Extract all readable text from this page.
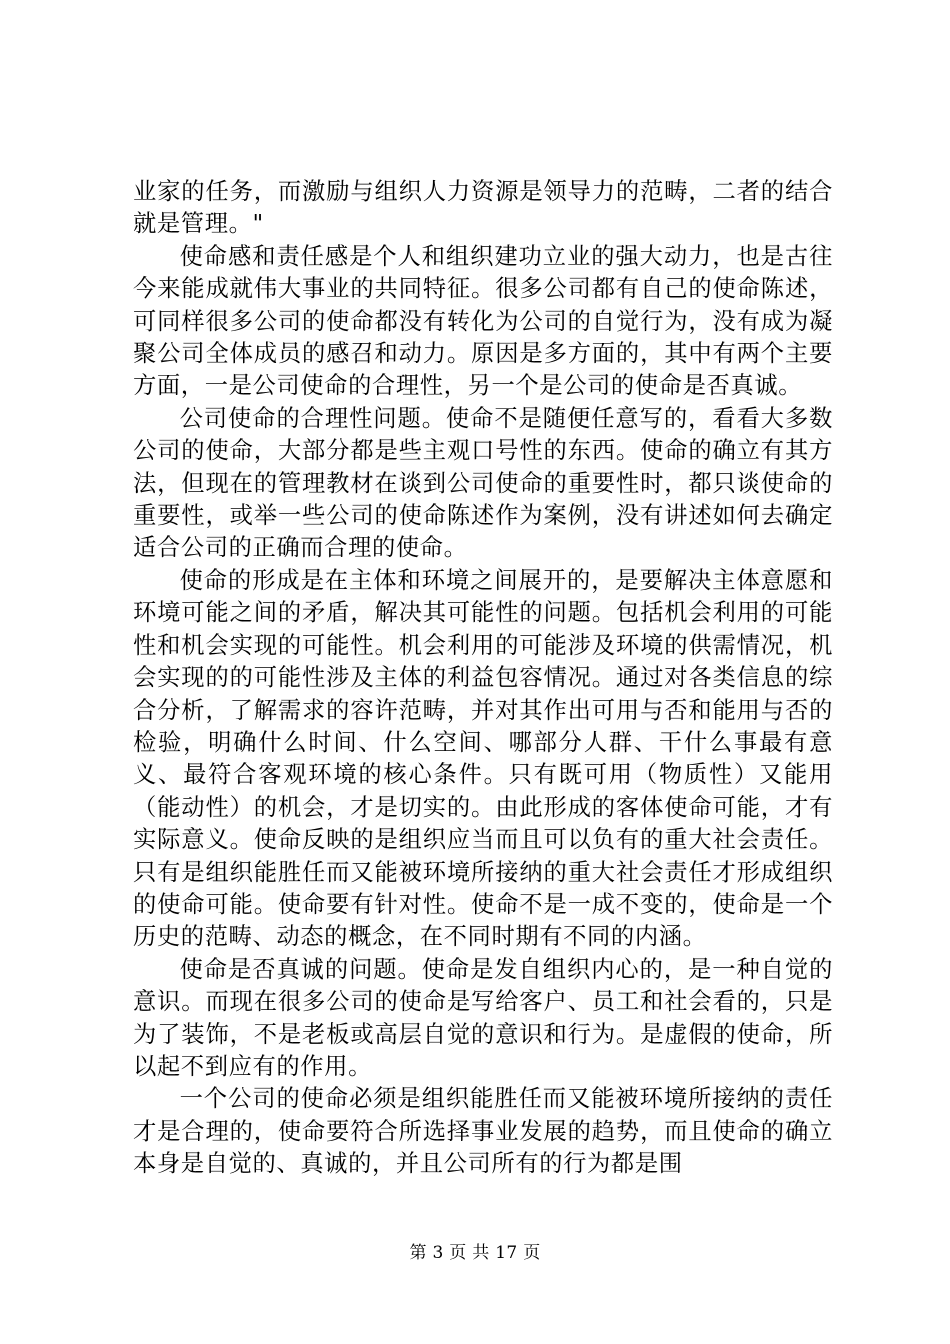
业家的任务，而激励与组织人力资源是领导力的范畴，二者的结合就是管理。"

使命感和责任感是个人和组织建功立业的强大动力，也是古往今来能成就伟大事业的共同特征。很多公司都有自己的使命陈述，可同样很多公司的使命都没有转化为公司的自觉行为，没有成为凝聚公司全体成员的感召和动力。原因是多方面的，其中有两个主要方面，一是公司使命的合理性，另一个是公司的使命是否真诚。

公司使命的合理性问题。使命不是随便任意写的，看看大多数公司的使命，大部分都是些主观口号性的东西。使命的确立有其方法，但现在的管理教材在谈到公司使命的重要性时，都只谈使命的重要性，或举一些公司的使命陈述作为案例，没有讲述如何去确定适合公司的正确而合理的使命。

使命的形成是在主体和环境之间展开的，是要解决主体意愿和环境可能之间的矛盾，解决其可能性的问题。包括机会利用的可能性和机会实现的可能性。机会利用的可能涉及环境的供需情况，机会实现的的可能性涉及主体的利益包容情况。通过对各类信息的综合分析，了解需求的容许范畴，并对其作出可用与否和能用与否的检验，明确什么时间、什么空间、哪部分人群、干什么事最有意义、最符合客观环境的核心条件。只有既可用（物质性）又能用（能动性）的机会，才是切实的。由此形成的客体使命可能，才有实际意义。使命反映的是组织应当而且可以负有的重大社会责任。只有是组织能胜任而又能被环境所接纳的重大社会责任才形成组织的使命可能。使命要有针对性。使命不是一成不变的，使命是一个历史的范畴、动态的概念，在不同时期有不同的内涵。

使命是否真诚的问题。使命是发自组织内心的，是一种自觉的意识。而现在很多公司的使命是写给客户、员工和社会看的，只是为了装饰，不是老板或高层自觉的意识和行为。是虚假的使命，所以起不到应有的作用。

一个公司的使命必须是组织能胜任而又能被环境所接纳的责任才是合理的，使命要符合所选择事业发展的趋势，而且使命的确立本身是自觉的、真诚的，并且公司所有的行为都是围

第 3 页 共 17 页
